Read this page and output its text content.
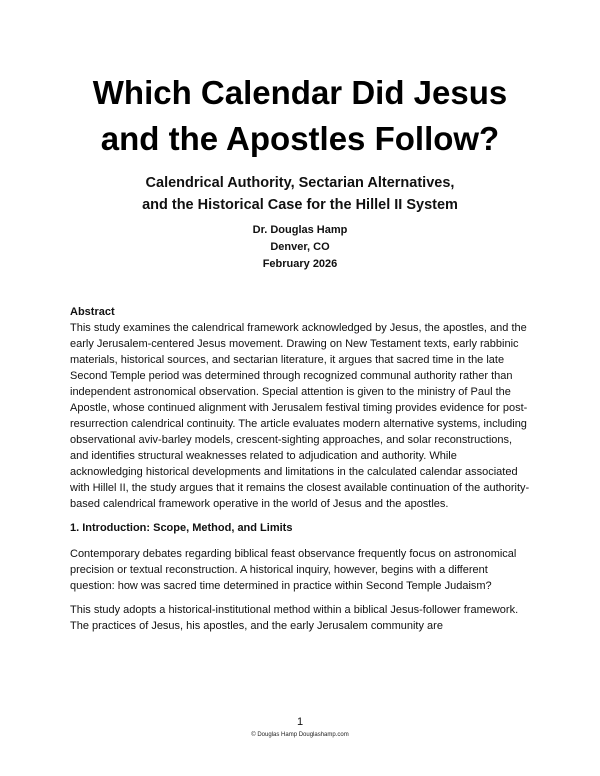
Which Calendar Did Jesus
and the Apostles Follow?
Calendrical Authority, Sectarian Alternatives,
and the Historical Case for the Hillel II System
Dr. Douglas Hamp
Denver, CO
February 2026

Abstract

This study examines the calendrical framework acknowledged by Jesus, the apostles, and the early Jerusalem-centered Jesus movement. Drawing on New Testament texts, early rabbinic materials, historical sources, and sectarian literature, it argues that sacred time in the late Second Temple period was determined through recognized communal authority rather than independent astronomical observation. Special attention is given to the ministry of Paul the Apostle, whose continued alignment with Jerusalem festival timing provides evidence for post-resurrection calendrical continuity. The article evaluates modern alternative systems, including observational aviv-barley models, crescent-sighting approaches, and solar reconstructions, and identifies structural weaknesses related to adjudication and authority. While acknowledging historical developments and limitations in the calculated calendar associated with Hillel II, the study argues that it remains the closest available continuation of the authority-based calendrical framework operative in the world of Jesus and the apostles.

1. Introduction: Scope, Method, and Limits

Contemporary debates regarding biblical feast observance frequently focus on astronomical precision or textual reconstruction. A historical inquiry, however, begins with a different question: how was sacred time determined in practice within Second Temple Judaism?

This study adopts a historical-institutional method within a biblical Jesus-follower framework. The practices of Jesus, his apostles, and the early Jerusalem community are

1
© Douglas Hamp Douglashamp.com
